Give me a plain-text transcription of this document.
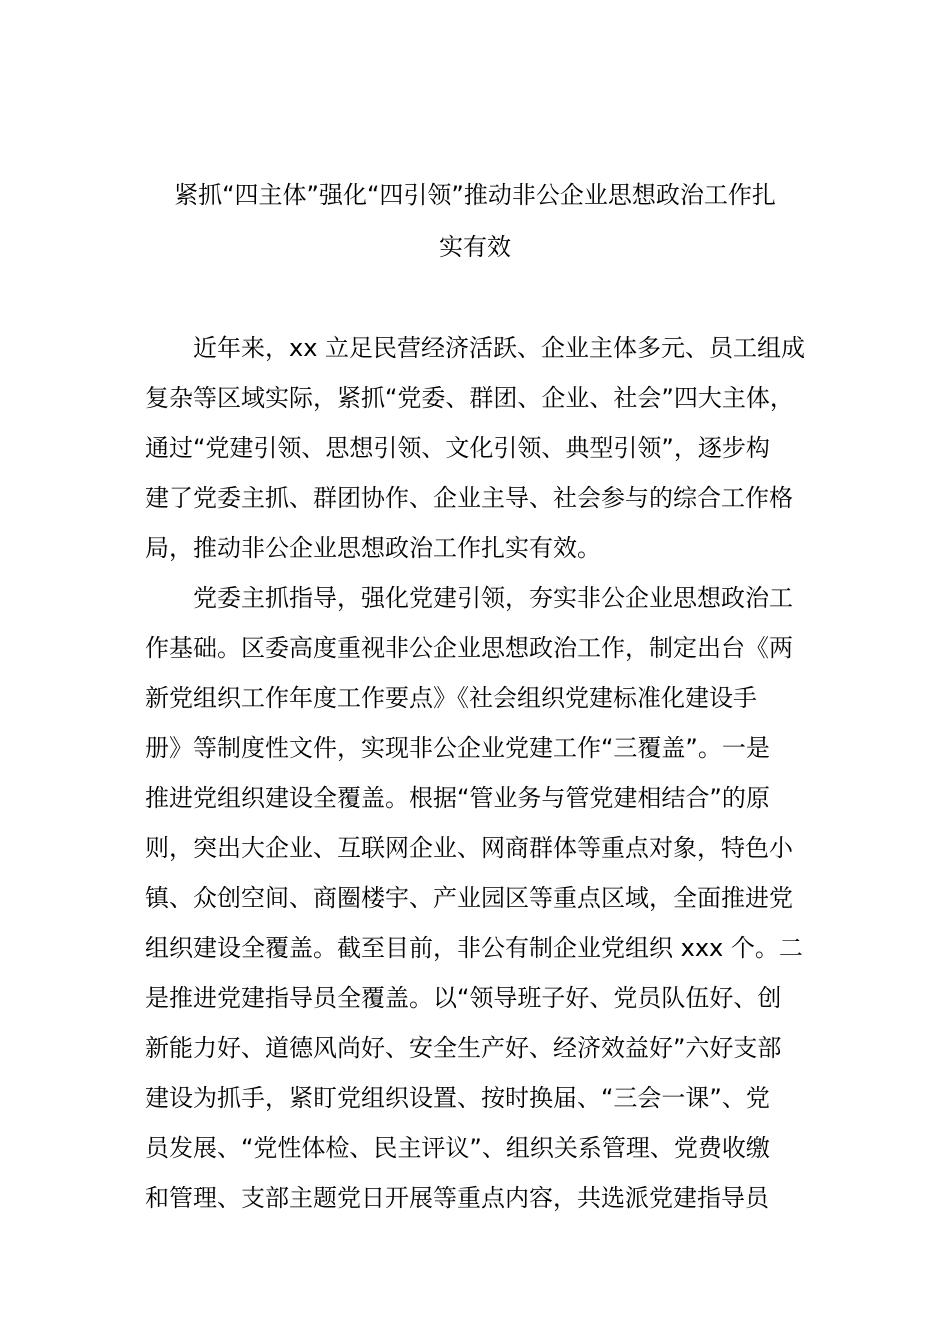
紧抓“四主体”强化“四引领”推动非公企业思想政治工作扎
实有效
近年来，xx 立足民营经济活跃、企业主体多元、员工组成
复杂等区域实际，紧抓“党委、群团、企业、社会”四大主体，
通过“党建引领、思想引领、文化引领、典型引领”，逐步构
建了党委主抓、群团协作、企业主导、社会参与的综合工作格
局，推动非公企业思想政治工作扎实有效。
党委主抓指导，强化党建引领，夯实非公企业思想政治工
作基础。区委高度重视非公企业思想政治工作，制定出台《两
新党组织工作年度工作要点》《社会组织党建标准化建设手
册》等制度性文件，实现非公企业党建工作“三覆盖”。一是
推进党组织建设全覆盖。根据“管业务与管党建相结合”的原
则，突出大企业、互联网企业、网商群体等重点对象，特色小
镇、众创空间、商圈楼宇、产业园区等重点区域，全面推进党
组织建设全覆盖。截至目前，非公有制企业党组织 xxx 个。二
是推进党建指导员全覆盖。以“领导班子好、党员队伍好、创
新能力好、道德风尚好、安全生产好、经济效益好”六好支部
建设为抓手，紧盯党组织设置、按时换届、“三会一课”、党
员发展、“党性体检、民主评议”、组织关系管理、党费收缴
和管理、支部主题党日开展等重点内容，共选派党建指导员
